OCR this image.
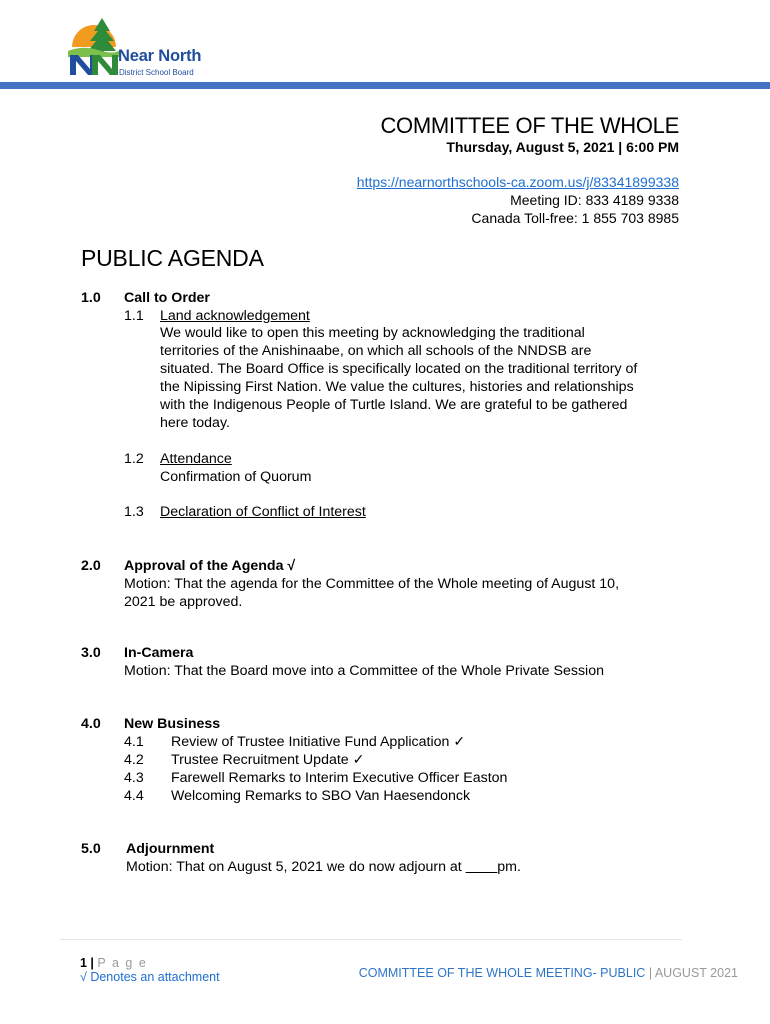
Near North
District School Board
COMMITTEE OF THE WHOLE
Thursday, August 5, 2021 | 6:00 PM
https://nearnorthschools-ca.zoom.us/j/83341899338
Meeting ID: 833 4189 9338
Canada Toll-free: 1 855 703 8985
PUBLIC AGENDA
1.0 Call to Order
1.1 Land acknowledgement
We would like to open this meeting by acknowledging the traditional
territories of the Anishinaabe, on which all schools of the NNDSB are
situated. The Board Office is specifically located on the traditional territory of
the Nipissing First Nation. We value the cultures, histories and relationships
with the Indigenous People of Turtle Island. We are grateful to be gathered
here today.
1.2 Attendance
Confirmation of Quorum
1.3 Declaration of Conflict of Interest
2.0 Approval of the Agenda √
Motion: That the agenda for the Committee of the Whole meeting of August 10,
2021 be approved.
3.0 In-Camera
Motion: That the Board move into a Committee of the Whole Private Session
4.0 New Business
4.1 Review of Trustee Initiative Fund Application ✓
4.2 Trustee Recruitment Update ✓
4.3 Farewell Remarks to Interim Executive Officer Easton
4.4 Welcoming Remarks to SBO Van Haesendonck
5.0 Adjournment
Motion: That on August 5, 2021 we do now adjourn at ____pm.
1 | P a g e
√ Denotes an attachment	COMMITTEE OF THE WHOLE MEETING- PUBLIC | AUGUST 2021
